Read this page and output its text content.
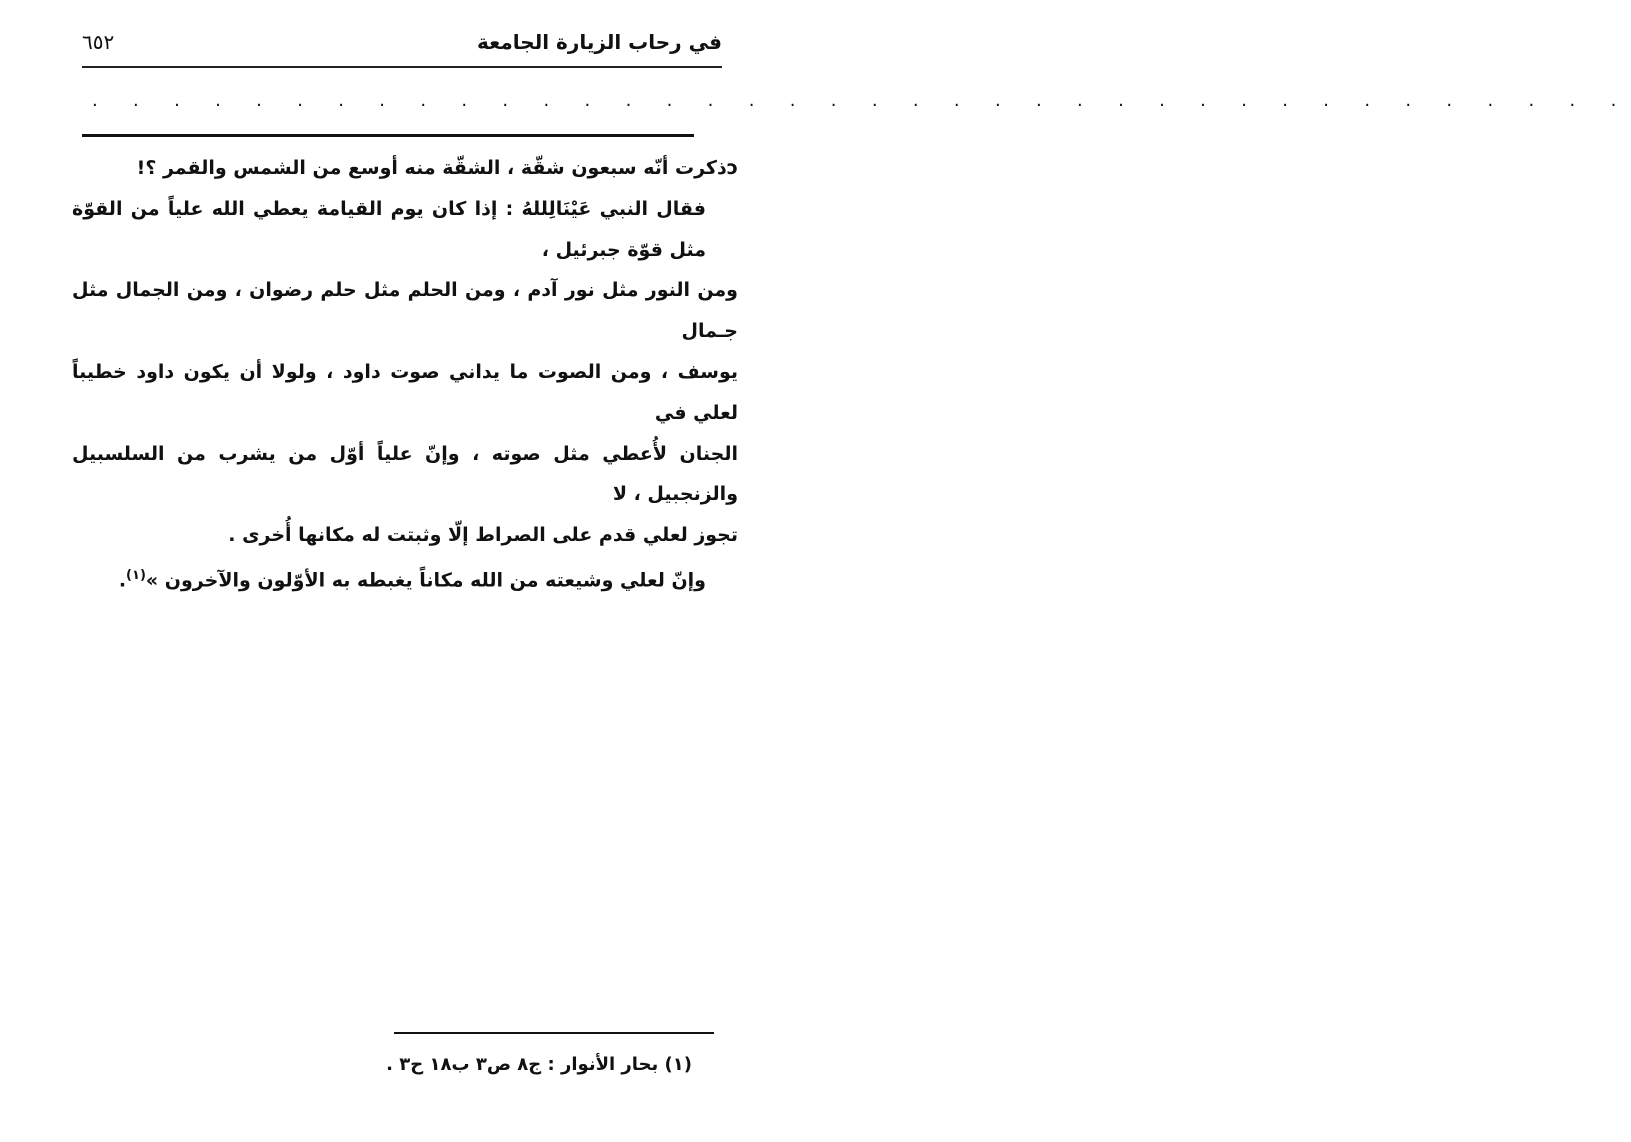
في رحاب الزيارة الجامعة
٦٥٢
. . . . . . . . . . . . . . . . . . . . . . . . . . . . . . . . . . . . . .

ↄذكرت أنّه سبعون شقّة ، الشقّة منه أوسع من الشمس والقمر ؟!

فقال النبي عَيْنَالِللهُ : إذا كان يوم القيامة يعطي الله علياً من القوّة مثل قوّة جبرئيل ،

ومن النور مثل نور آدم ، ومن الحلم مثل حلم رضوان ، ومن الجمال مثل جـمال

يوسف ، ومن الصوت ما يداني صوت داود ، ولولا أن يكون داود خطيباً لعلي في

الجنان لأُعطي مثل صوته ، وإنّ علياً أوّل من يشرب من السلسبيل والزنجبيل ، لا

تجوز لعلي قدم على الصراط إلّا وثبتت له مكانها أُخرى .

وإنّ لعلي وشيعته من الله مكاناً يغبطه به الأوّلون والآخرون »$^{(١)}$.

(١) بحار الأنوار : ج٨ ص٣ ب١٨ ح٣ .
